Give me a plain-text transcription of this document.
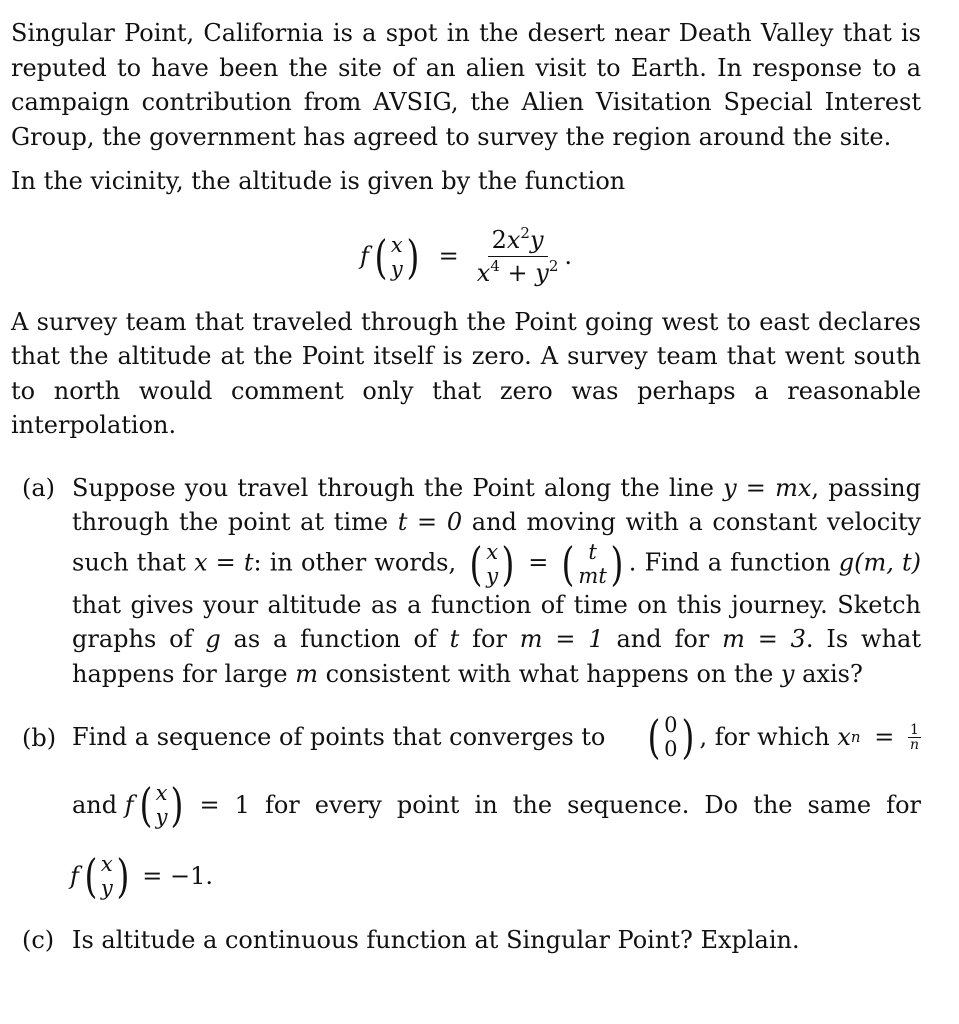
Singular Point, California is a spot in the desert near Death Valley that is reputed to have been the site of an alien visit to Earth. In response to a campaign contribution from AVSIG, the Alien Visitation Special Interest Group, the government has agreed to survey the region around the site.

In the vicinity, the altitude is given by the function

f ( x
y ) = $\frac{2x^2y}{x^4 + y^2}$ .

A survey team that traveled through the Point going west to east declares that the altitude at the Point itself is zero. A survey team that went south to north would comment only that zero was perhaps a reasonable interpolation.

(a) Suppose you travel through the Point along the line y = mx, passing through the point at time t = 0 and moving with a constant velocity such that x = t: in other words, ( x
y ) = ( t
mt ) . Find a function g(m, t) that gives your altitude as a function of time on this journey. Sketch graphs of g as a function of t for m = 1 and for m = 3. Is what happens for large m consistent with what happens on the y axis?
(b) Find a sequence of points that converges to ( 0
0 ) , for which x $n = \frac{1}{n}$
and f ( x
y ) = 1 for every point in the sequence. Do the same for
f ( x
y ) = −1.
(c) Is altitude a continuous function at Singular Point? Explain.
